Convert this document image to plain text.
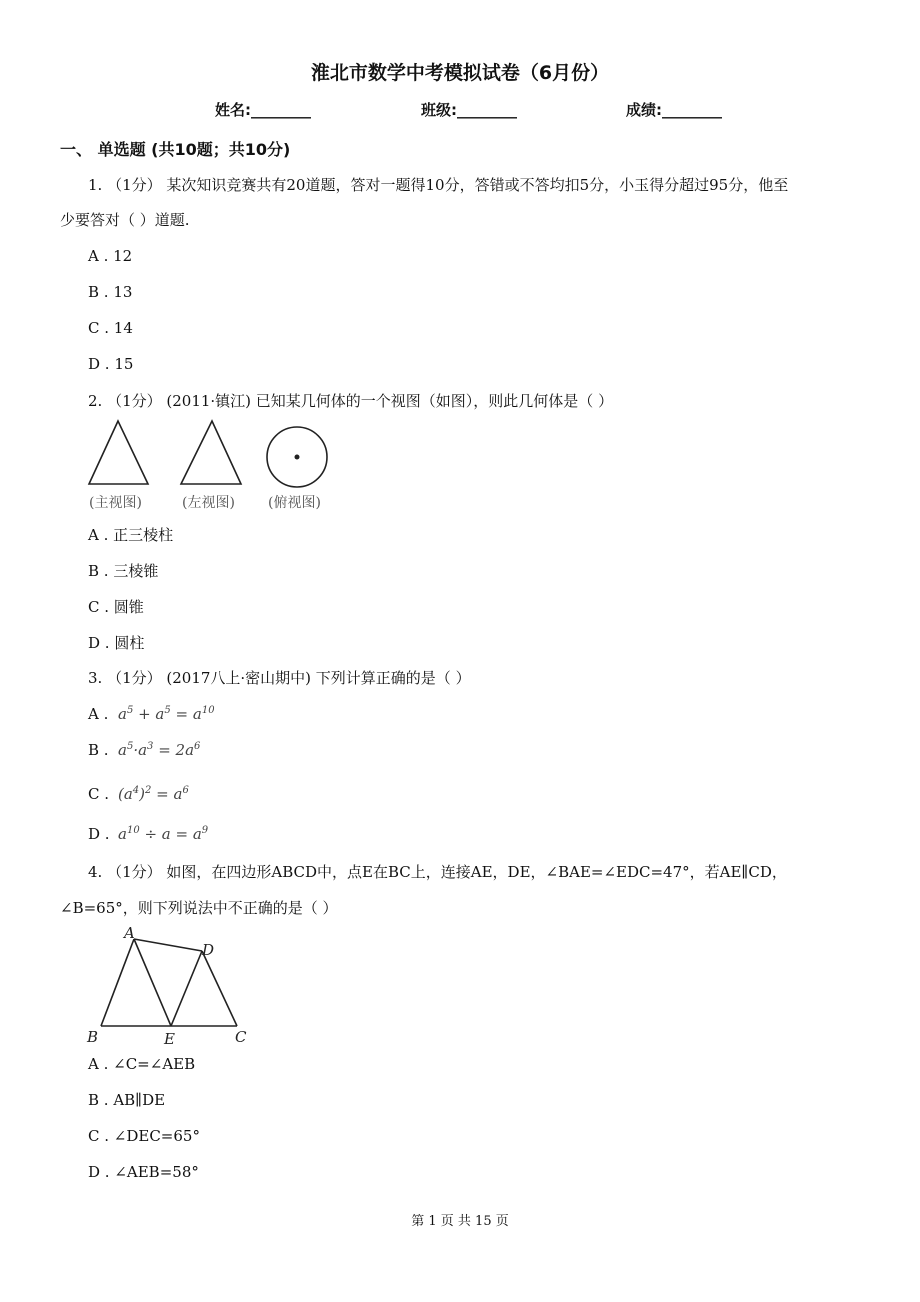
淮北市数学中考模拟试卷（6月份）
姓名:________	班级:________	成绩:________
一、 单选题 (共10题；共10分)
1. （1分） 某次知识竞赛共有20道题，答对一题得10分，答错或不答均扣5分，小玉得分超过95分，他至
少要答对（ ）道题.
A . 12
B . 13
C . 14
D . 15
2. （1分） (2011·镇江) 已知某几何体的一个视图（如图），则此几何体是（ ）
(主视图)	(左视图) (俯视图)
A . 正三棱柱
B . 三棱锥
C . 圆锥
D . 圆柱
3. （1分） (2017八上·密山期中) 下列计算正确的是（ ）
A . $a^5 + a^5 = a^{10}$
B . $a^5\cdot a^3 = 2a^6$
C . $(a^4)^2 = a^6$
D . $a^{10} \div a = a^9$
4. （1分） 如图，在四边形ABCD中，点E在BC上，连接AE，DE，∠BAE=∠EDC=47°，若AE∥CD，
∠B=65°，则下列说法中不正确的是（ ）
A
D
B	E	C
A . ∠C=∠AEB
B . AB∥DE
C . ∠DEC=65°
D . ∠AEB=58°
第 1 页 共 15 页
